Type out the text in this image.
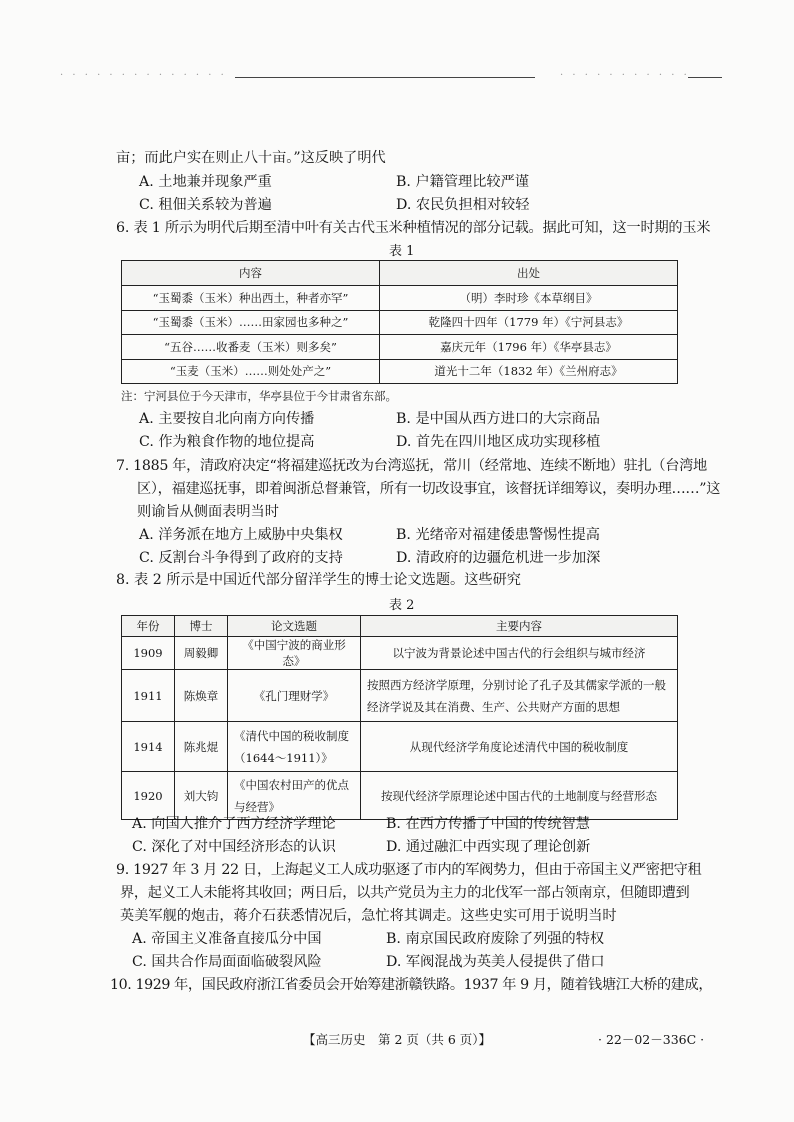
· · · · · · · · · · · · · ·	· · · · · · · · · · ·
亩；而此户实在则止八十亩。”这反映了明代
A. 土地兼并现象严重	B. 户籍管理比较严谨
C. 租佃关系较为普遍	D. 农民负担相对较轻
6. 表 1 所示为明代后期至清中叶有关古代玉米种植情况的部分记载。据此可知，这一时期的玉米
表 1
内容	出处
“玉蜀黍（玉米）种出西土，种者亦罕”	（明）李时珍《本草纲目》
“玉蜀黍（玉米）……田家园也多种之”	乾隆四十四年（1779 年）《宁河县志》
“五谷……收番麦（玉米）则多矣”	嘉庆元年（1796 年）《华亭县志》
“玉麦（玉米）……则处处产之”	道光十二年（1832 年）《兰州府志》
注：宁河县位于今天津市，华亭县位于今甘肃省东部。
A. 主要按自北向南方向传播	B. 是中国从西方进口的大宗商品
C. 作为粮食作物的地位提高	D. 首先在四川地区成功实现移植
7. 1885 年，清政府决定“将福建巡抚改为台湾巡抚，常川（经常地、连续不断地）驻扎（台湾地
区），福建巡抚事，即着闽浙总督兼管，所有一切改设事宜，该督抚详细筹议，奏明办理……”这
则谕旨从侧面表明当时
A. 洋务派在地方上威胁中央集权	B. 光绪帝对福建倭患警惕性提高
C. 反割台斗争得到了政府的支持	D. 清政府的边疆危机进一步加深
8. 表 2 所示是中国近代部分留洋学生的博士论文选题。这些研究
表 2
年份	博士	论文选题	主要内容
1909	周毅卿	《中国宁波的商业形态》	以宁波为背景论述中国古代的行会组织与城市经济
1911	陈焕章	《孔门理财学》	按照西方经济学原理，分别讨论了孔子及其儒家学派的一般经济学说及其在消费、生产、公共财产方面的思想
1914	陈兆焜	《清代中国的税收制度（1644～1911）》	从现代经济学角度论述清代中国的税收制度
1920	刘大钧	《中国农村田产的优点与经营》	按现代经济学原理论述中国古代的土地制度与经营形态
A. 向国人推介了西方经济学理论	B. 在西方传播了中国的传统智慧
C. 深化了对中国经济形态的认识	D. 通过融汇中西实现了理论创新
9. 1927 年 3 月 22 日，上海起义工人成功驱逐了市内的军阀势力，但由于帝国主义严密把守租
界，起义工人未能将其收回；两日后，以共产党员为主力的北伐军一部占领南京，但随即遭到
英美军舰的炮击，蒋介石获悉情况后，急忙将其调走。这些史实可用于说明当时
A. 帝国主义准备直接瓜分中国	B. 南京国民政府废除了列强的特权
C. 国共合作局面面临破裂风险	D. 军阀混战为英美人侵提供了借口
10. 1929 年，国民政府浙江省委员会开始筹建浙赣铁路。1937 年 9 月，随着钱塘江大桥的建成，
【高三历史　第 2 页（共 6 页）】	· 22－02－336C ·
